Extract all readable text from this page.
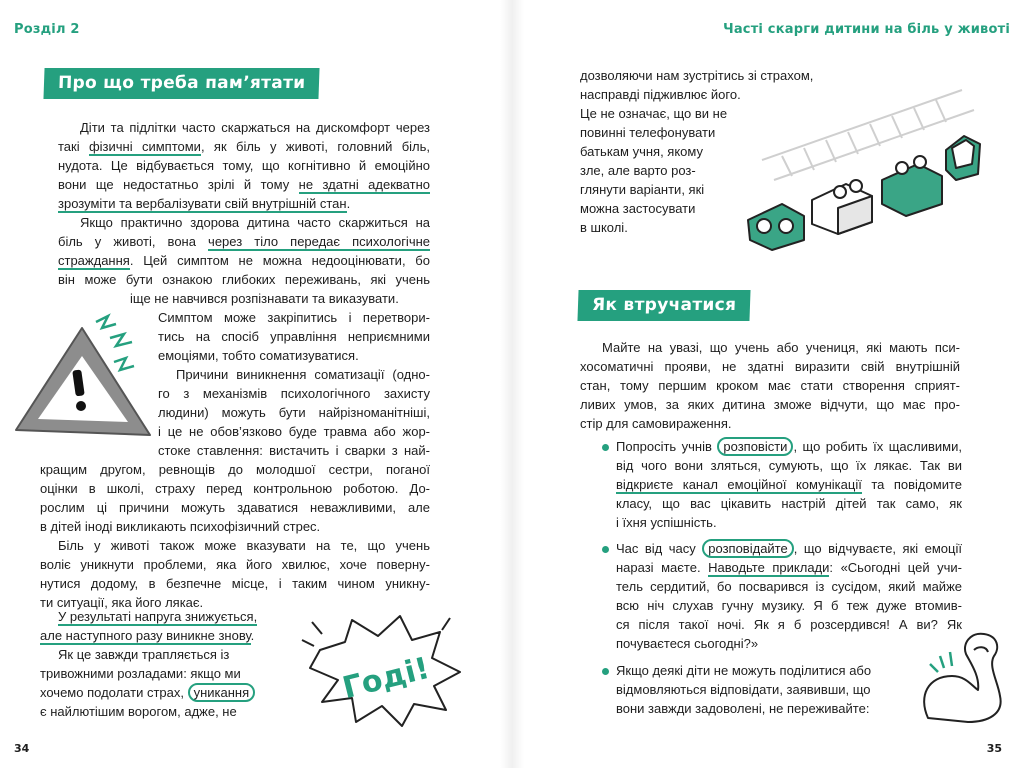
Розділ 2
Про що треба пам’ятати
Діти та підлітки часто скаржаться на дискомфорт через
такі фізичні симптоми, як біль у животі, головний біль,
нудота. Це відбувається тому, що когнітивно й емоційно
вони ще недостатньо зрілі й тому не здатні адекватно
зрозуміти та вербалізувати свій внутрішній стан.
Якщо практично здорова дитина часто скаржиться на
біль у животі, вона через тіло передає психологічне
страждання. Цей симптом не можна недооцінювати, бо
він може бути ознакою глибоких переживань, які учень
іще не навчився розпізнавати та виказувати.
Симптом може закріпитись і перетвори-
тись на спосіб управління неприємними
емоціями, тобто соматизуватися.
Причини виникнення соматизації (одно-
го з механізмів психологічного захисту
людини) можуть бути найрізноманітніші,
і це не обов’язково буде травма або жор-
стоке ставлення: вистачить і сварки з най-
кращим другом, ревнощів до молодшої сестри, поганої
оцінки в школі, страху перед контрольною роботою. До-
рослим ці причини можуть здаватися неважливими, але
в дітей іноді викликають психофізичний стрес.
Біль у животі також може вказувати на те, що учень
воліє уникнути проблеми, яка його хвилює, хоче поверну-
нутися додому, в безпечне місце, і таким чином уникну-
ти ситуації, яка його лякає.
У результаті напруга знижується,
але наступного разу виникне знову.
Як це завжди трапляється із
тривожними розладами: якщо ми
хочемо подолати страх, уникання
є найлютішим ворогом, адже, не
Годі!
34
Часті скарги дитини на біль у животі
дозволяючи нам зустрітись зі страхом,
насправді підживлює його.
Це не означає, що ви не
повинні телефонувати
батькам учня, якому
зле, але варто роз-
глянути варіанти, які
можна застосувати
в школі.
Як втручатися
Майте на увазі, що учень або учениця, які мають пси-
хосоматичні прояви, не здатні виразити свій внутрішній
стан, тому першим кроком має стати створення сприят-
ливих умов, за яких дитина зможе відчути, що має про-
стір для самовираження.
Попросіть учнів розповісти , що робить їх щасливими,
від чого вони зляться, сумують, що їх лякає. Так ви
відкриєте канал емоційної комунікації та повідомите
класу, що вас цікавить настрій дітей так само, як
і їхня успішність.
Час від часу розповідайте , що відчуваєте, які емоції
наразі маєте. Наводьте приклади: «Сьогодні цей учи-
тель сердитий, бо посварився із сусідом, який майже
всю ніч слухав гучну музику. Я б теж дуже втомив-
ся після такої ночі. Як я б розсердився! А ви? Як
почуваєтеся сьогодні?»
Якщо деякі діти не можуть поділитися або
відмовляються відповідати, заявивши, що
вони завжди задоволені, не переживайте:
35
